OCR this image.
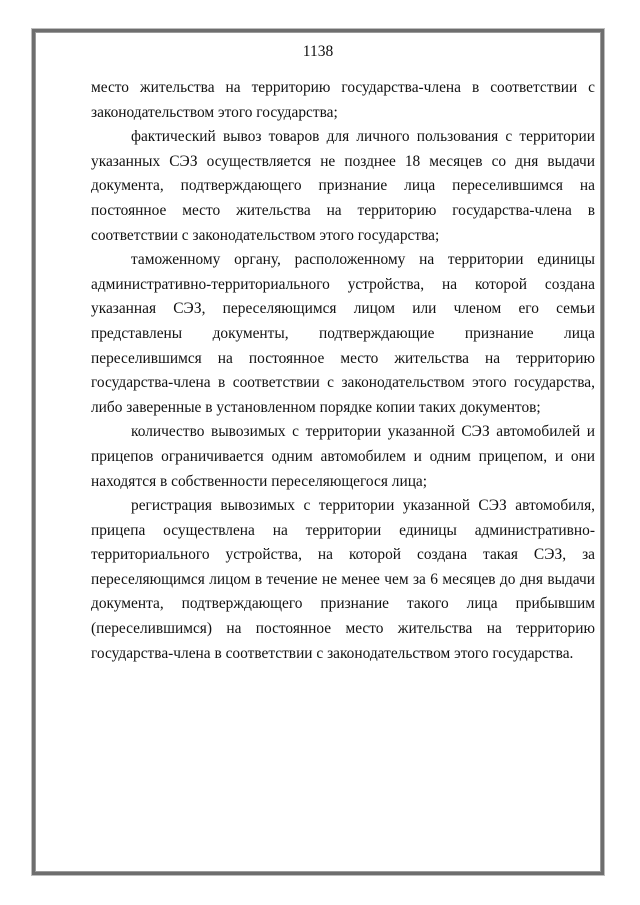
1138

место жительства на территорию государства-члена в соответствии с законодательством этого государства;

фактический вывоз товаров для личного пользования с территории указанных СЭЗ осуществляется не позднее 18 месяцев со дня выдачи документа, подтверждающего признание лица переселившимся на постоянное место жительства на территорию государства-члена в соответствии с законодательством этого государства;

таможенному органу, расположенному на территории единицы административно-территориального устройства, на которой создана указанная СЭЗ, переселяющимся лицом или членом его семьи представлены документы, подтверждающие признание лица переселившимся на постоянное место жительства на территорию государства-члена в соответствии с законодательством этого государства, либо заверенные в установленном порядке копии таких документов;

количество вывозимых с территории указанной СЭЗ автомобилей и прицепов ограничивается одним автомобилем и одним прицепом, и они находятся в собственности переселяющегося лица;

регистрация вывозимых с территории указанной СЭЗ автомобиля, прицепа осуществлена на территории единицы административно-территориального устройства, на которой создана такая СЭЗ, за переселяющимся лицом в течение не менее чем за 6 месяцев до дня выдачи документа, подтверждающего признание такого лица прибывшим (переселившимся) на постоянное место жительства на территорию государства-члена в соответствии с законодательством этого государства.
